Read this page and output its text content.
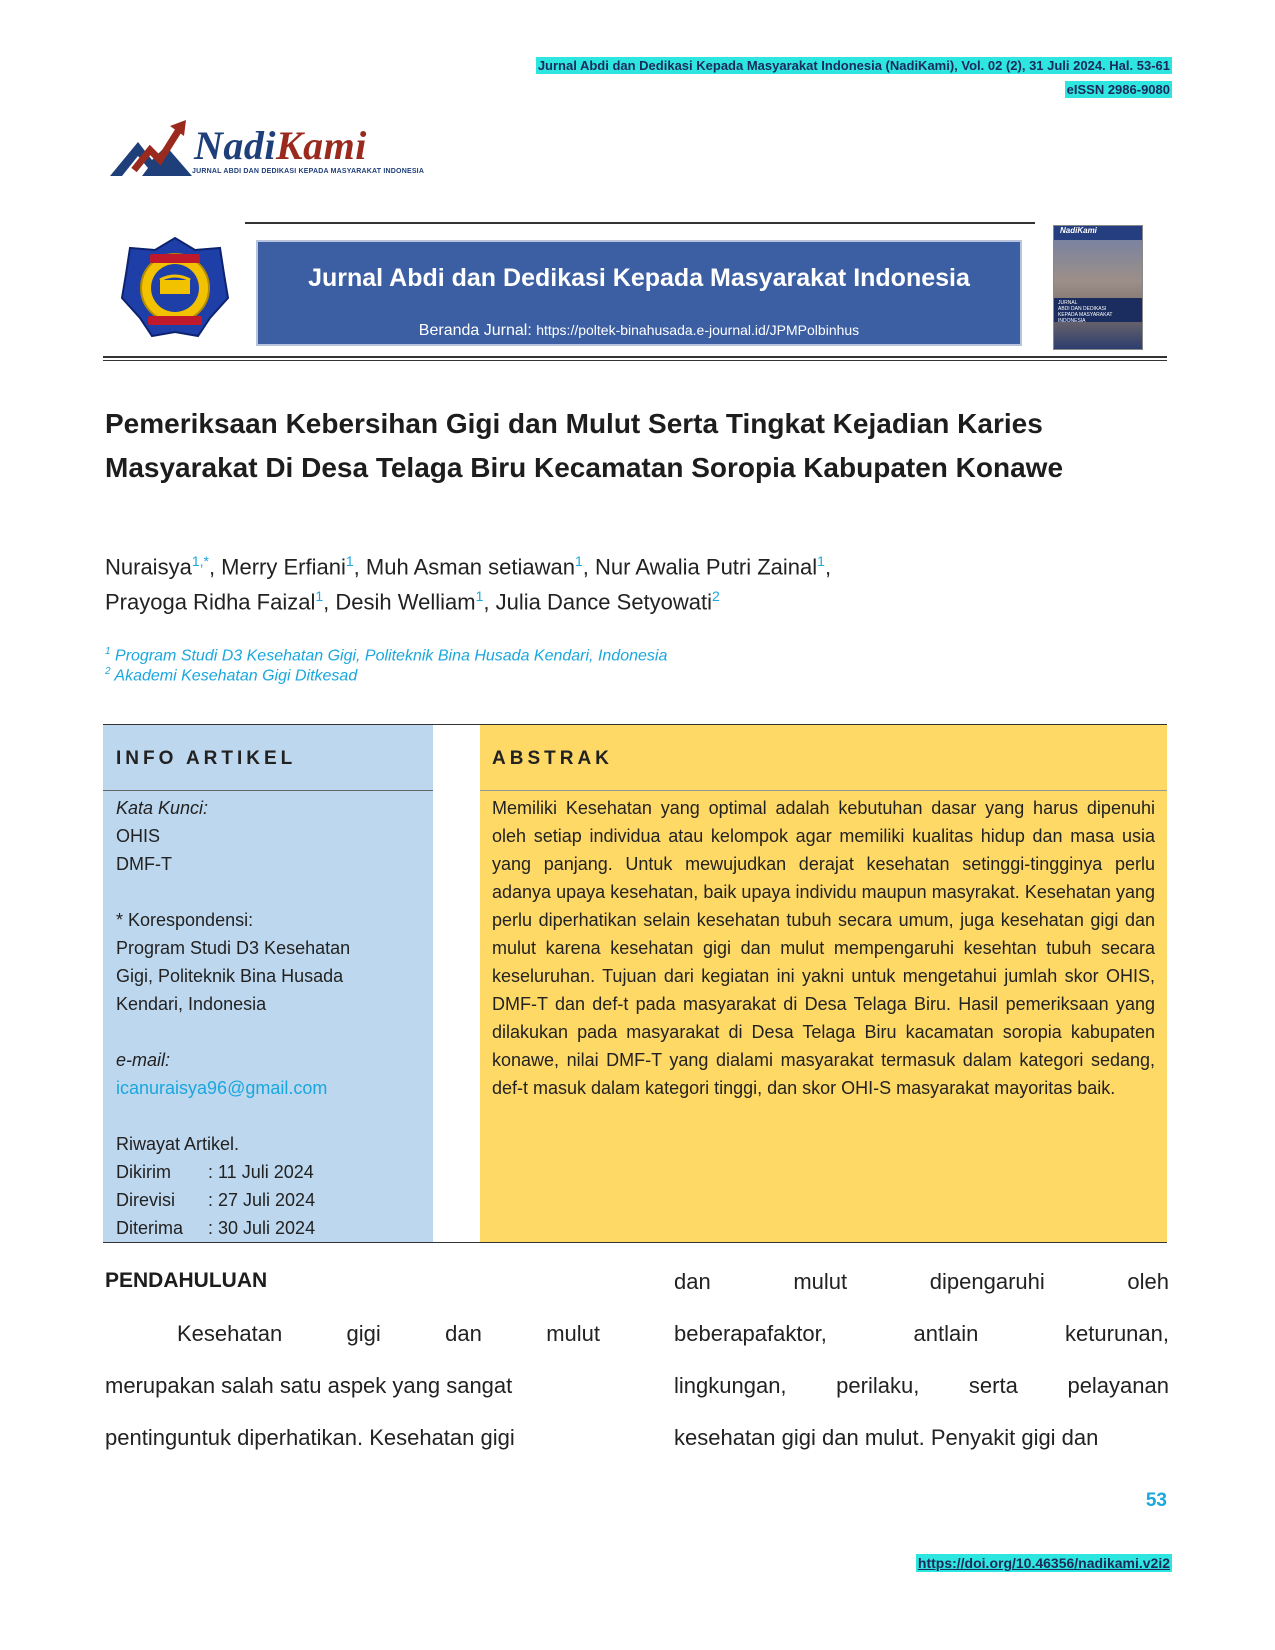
Jurnal Abdi dan Dedikasi Kepada Masyarakat Indonesia (NadiKami), Vol. 02 (2), 31 Juli 2024. Hal. 53-61
eISSN 2986-9080
NadiKami
JURNAL ABDI DAN DEDIKASI KEPADA MASYARAKAT INDONESIA
Jurnal Abdi dan Dedikasi Kepada Masyarakat Indonesia
Beranda Jurnal: https://poltek-binahusada.e-journal.id/JPMPolbinhus
NadiKami
JURNAL
ABDI DAN DEDIKASI
KEPADA MASYARAKAT INDONESIA
Pemeriksaan Kebersihan Gigi dan Mulut Serta Tingkat Kejadian Karies Masyarakat Di Desa Telaga Biru Kecamatan Soropia Kabupaten Konawe
Nuraisya$^{1,*}$, Merry Erfiani$^1$, Muh Asman setiawan$^1$, Nur Awalia Putri Zainal$^1$,
Prayoga Ridha Faizal$^1$, Desih Welliam$^1$, Julia Dance Setyowati$^2$
$^1$ Program Studi D3 Kesehatan Gigi, Politeknik Bina Husada Kendari, Indonesia
$^2$ Akademi Kesehatan Gigi Ditkesad
INFO ARTIKEL	ABSTRAK
Kata Kunci:
OHIS
DMF-T
* Korespondensi:
Program Studi D3 Kesehatan
Gigi, Politeknik Bina Husada
Kendari, Indonesia
e-mail:
icanuraisya96@gmail.com
Riwayat Artikel.
Dikirim	: 11 Juli 2024
Direvisi	: 27 Juli 2024
Diterima	: 30 Juli 2024
Memiliki Kesehatan yang optimal adalah kebutuhan dasar yang harus dipenuhi oleh setiap individua atau kelompok agar memiliki kualitas hidup dan masa usia yang panjang. Untuk mewujudkan derajat kesehatan setinggi-tingginya perlu adanya upaya kesehatan, baik upaya individu maupun masyrakat. Kesehatan yang perlu diperhatikan selain kesehatan tubuh secara umum, juga kesehatan gigi dan mulut karena kesehatan gigi dan mulut mempengaruhi kesehtan tubuh secara keseluruhan. Tujuan dari kegiatan ini yakni untuk mengetahui jumlah skor OHIS, DMF-T dan def-t pada masyarakat di Desa Telaga Biru. Hasil pemeriksaan yang dilakukan pada masyarakat di Desa Telaga Biru kacamatan soropia kabupaten konawe, nilai DMF-T yang dialami masyarakat termasuk dalam kategori sedang, def-t masuk dalam kategori tinggi, dan skor OHI-S masyarakat mayoritas baik.
PENDAHULUAN
Kesehatan	gigi	dan	mulut
merupakan salah satu aspek yang sangat
pentinguntuk diperhatikan. Kesehatan gigi
dan	mulut	dipengaruhi	oleh
beberapafaktor,	antlain	keturunan,
lingkungan, perilaku, serta pelayanan
kesehatan gigi dan mulut. Penyakit gigi dan
53
https://doi.org/10.46356/nadikami.v2i2
